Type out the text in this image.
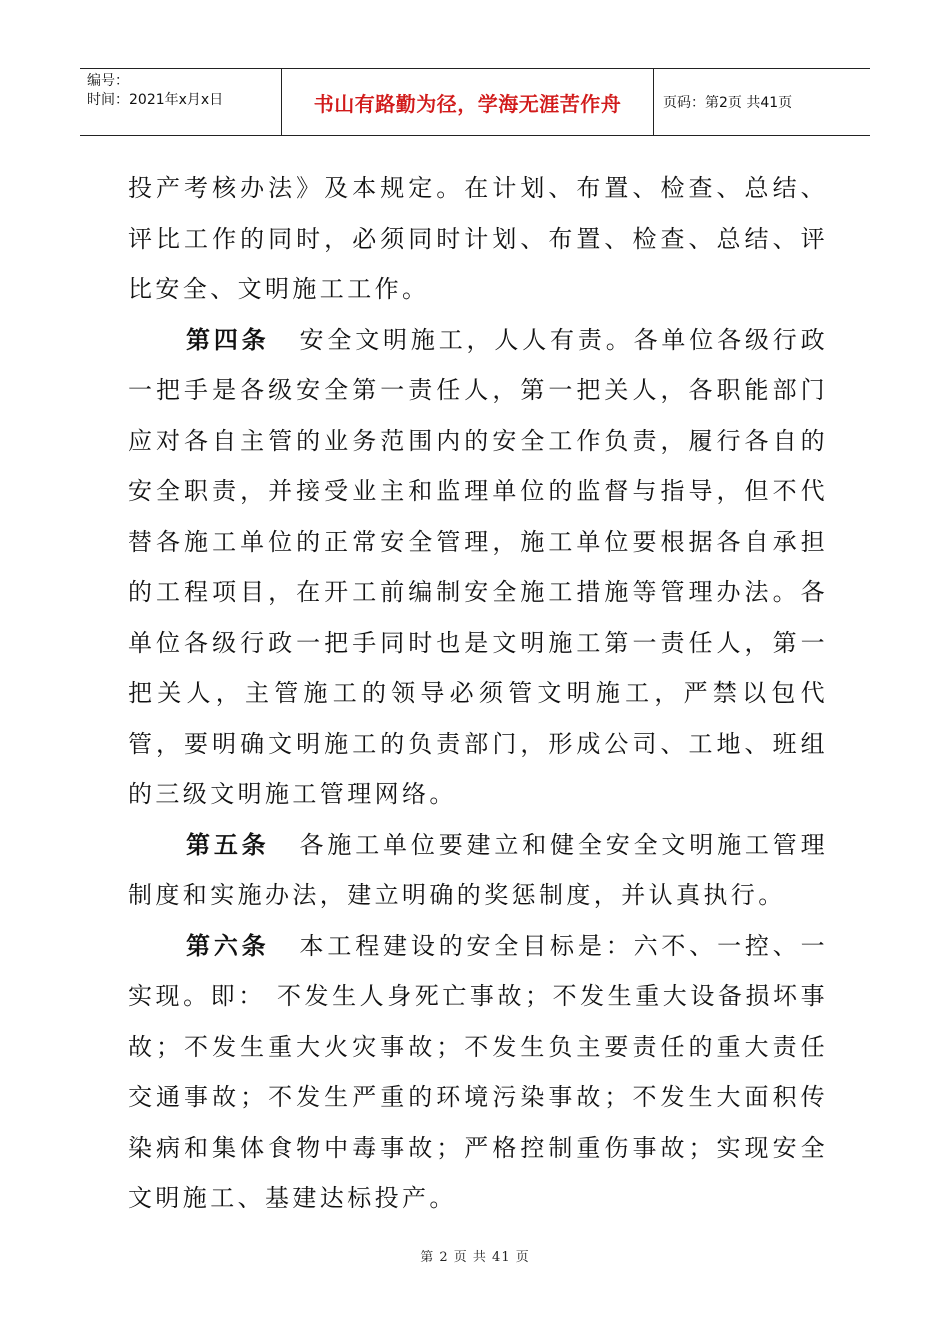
编号：
时间：2021年x月x日	书山有路勤为径，学海无涯苦作舟	页码：第2页 共41页

投产考核办法》及本规定。在计划、布置、检查、总结、评比工作的同时，必须同时计划、布置、检查、总结、评比安全、文明施工工作。

第四条 安全文明施工，人人有责。各单位各级行政一把手是各级安全第一责任人，第一把关人，各职能部门应对各自主管的业务范围内的安全工作负责，履行各自的安全职责，并接受业主和监理单位的监督与指导，但不代替各施工单位的正常安全管理，施工单位要根据各自承担的工程项目，在开工前编制安全施工措施等管理办法。各单位各级行政一把手同时也是文明施工第一责任人，第一把关人，主管施工的领导必须管文明施工，严禁以包代管，要明确文明施工的负责部门，形成公司、工地、班组的三级文明施工管理网络。

第五条 各施工单位要建立和健全安全文明施工管理制度和实施办法，建立明确的奖惩制度，并认真执行。

第六条 本工程建设的安全目标是：六不、一控、一实现。即： 不发生人身死亡事故；不发生重大设备损坏事故；不发生重大火灾事故；不发生负主要责任的重大责任交通事故；不发生严重的环境污染事故；不发生大面积传染病和集体食物中毒事故；严格控制重伤事故；实现安全文明施工、基建达标投产。

第 2 页 共 41 页
